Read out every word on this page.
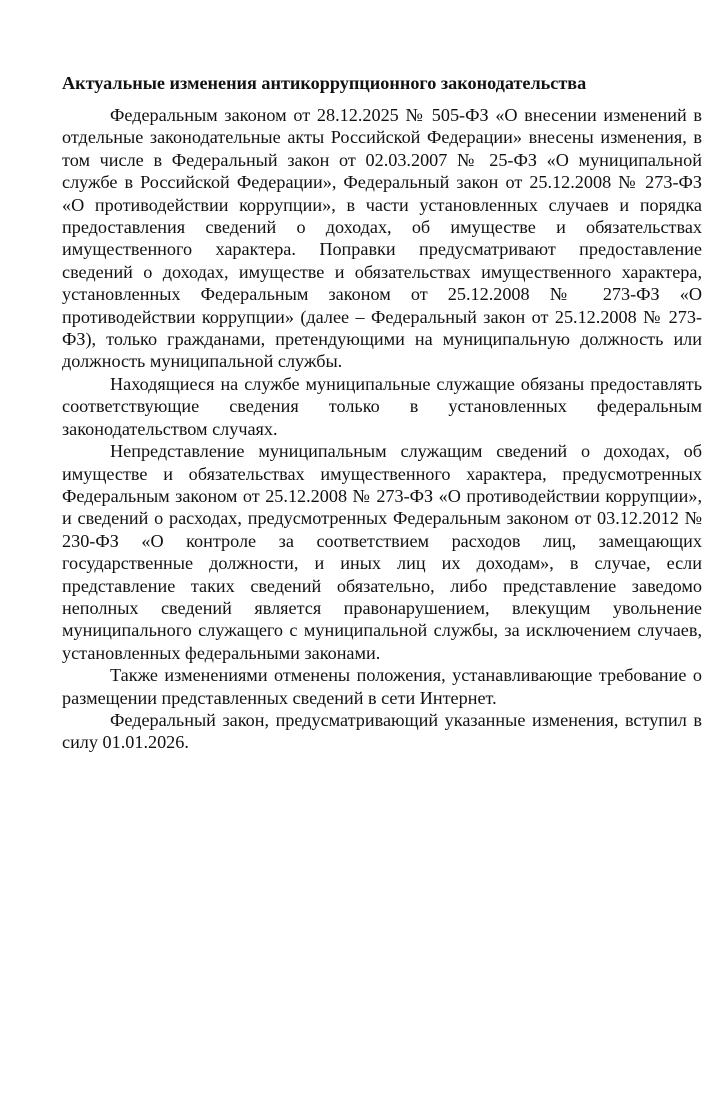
Актуальные изменения антикоррупционного законодательства

Федеральным законом от 28.12.2025 № 505-ФЗ «О внесении изменений в отдельные законодательные акты Российской Федерации» внесены изменения, в том числе в Федеральный закон от 02.03.2007 № 25-ФЗ «О муниципальной службе в Российской Федерации», Федеральный закон от 25.12.2008 № 273-ФЗ «О противодействии коррупции», в части установленных случаев и порядка предоставления сведений о доходах, об имуществе и обязательствах имущественного характера. Поправки предусматривают предоставление сведений о доходах, имуществе и обязательствах имущественного характера, установленных Федеральным законом от 25.12.2008 № 273-ФЗ «О противодействии коррупции» (далее – Федеральный закон от 25.12.2008 № 273-ФЗ), только гражданами, претендующими на муниципальную должность или должность муниципальной службы.

Находящиеся на службе муниципальные служащие обязаны предоставлять соответствующие сведения только в установленных федеральным законодательством случаях.

Непредставление муниципальным служащим сведений о доходах, об имуществе и обязательствах имущественного характера, предусмотренных Федеральным законом от 25.12.2008 № 273-ФЗ «О противодействии коррупции», и сведений о расходах, предусмотренных Федеральным законом от 03.12.2012 № 230-ФЗ «О контроле за соответствием расходов лиц, замещающих государственные должности, и иных лиц их доходам», в случае, если представление таких сведений обязательно, либо представление заведомо неполных сведений является правонарушением, влекущим увольнение муниципального служащего с муниципальной службы, за исключением случаев, установленных федеральными законами.

Также изменениями отменены положения, устанавливающие требование о размещении представленных сведений в сети Интернет.

Федеральный закон, предусматривающий указанные изменения, вступил в силу 01.01.2026.
